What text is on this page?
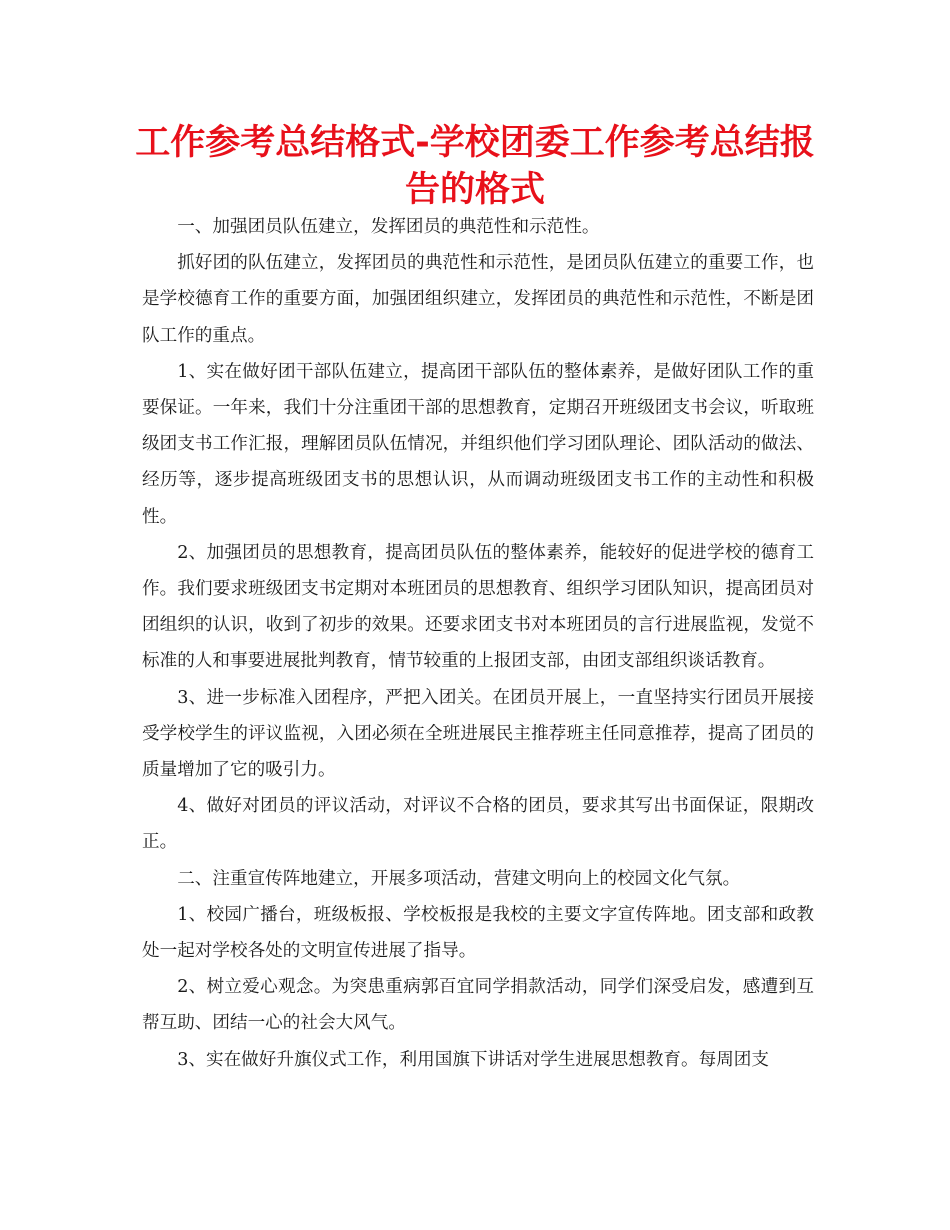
工作参考总结格式-学校团委工作参考总结报告的格式

一、加强团员队伍建立，发挥团员的典范性和示范性。

抓好团的队伍建立，发挥团员的典范性和示范性，是团员队伍建立的重要工作，也是学校德育工作的重要方面，加强团组织建立，发挥团员的典范性和示范性，不断是团队工作的重点。

1、实在做好团干部队伍建立，提高团干部队伍的整体素养，是做好团队工作的重要保证。一年来，我们十分注重团干部的思想教育，定期召开班级团支书会议，听取班级团支书工作汇报，理解团员队伍情况，并组织他们学习团队理论、团队活动的做法、经历等，逐步提高班级团支书的思想认识，从而调动班级团支书工作的主动性和积极性。

2、加强团员的思想教育，提高团员队伍的整体素养，能较好的促进学校的德育工作。我们要求班级团支书定期对本班团员的思想教育、组织学习团队知识，提高团员对团组织的认识，收到了初步的效果。还要求团支书对本班团员的言行进展监视，发觉不标准的人和事要进展批判教育，情节较重的上报团支部，由团支部组织谈话教育。

3、进一步标准入团程序，严把入团关。在团员开展上，一直坚持实行团员开展接受学校学生的评议监视，入团必须在全班进展民主推荐班主任同意推荐，提高了团员的质量增加了它的吸引力。

4、做好对团员的评议活动，对评议不合格的团员，要求其写出书面保证，限期改正。

二、注重宣传阵地建立，开展多项活动，营建文明向上的校园文化气氛。

1、校园广播台，班级板报、学校板报是我校的主要文字宣传阵地。团支部和政教处一起对学校各处的文明宣传进展了指导。

2、树立爱心观念。为突患重病郭百宜同学捐款活动，同学们深受启发，感遭到互帮互助、团结一心的社会大风气。

3、实在做好升旗仪式工作，利用国旗下讲话对学生进展思想教育。每周团支
